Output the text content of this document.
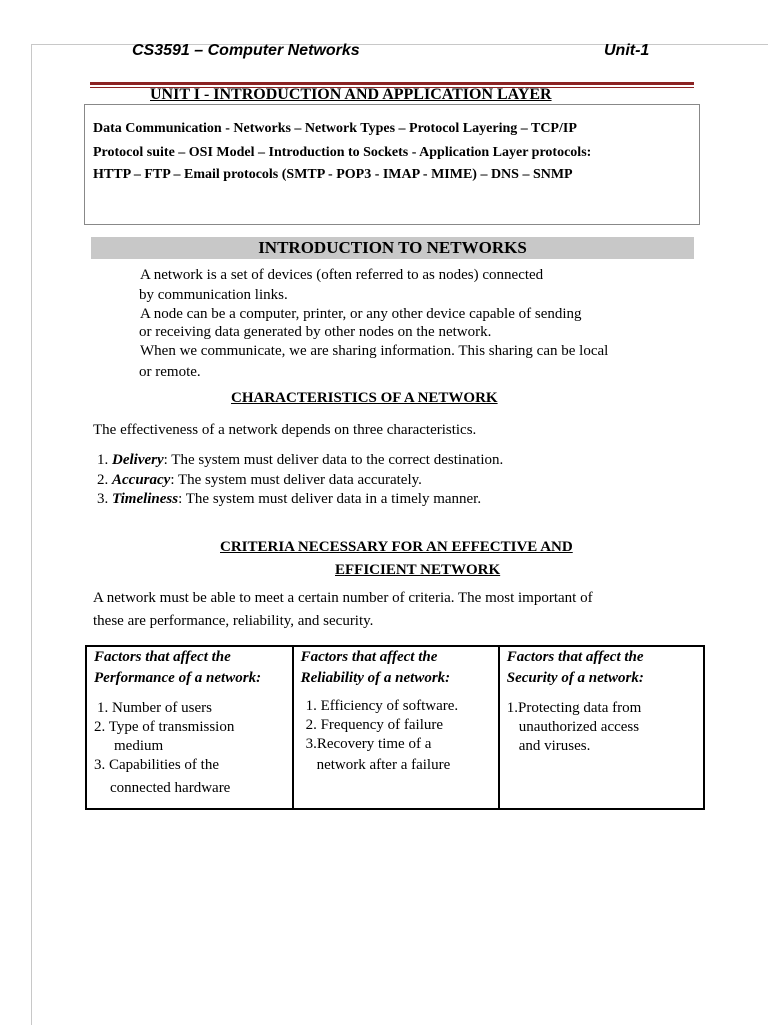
CS3591 – Computer Networks	Unit-1
UNIT I - INTRODUCTION AND APPLICATION LAYER
Data Communication - Networks – Network Types – Protocol Layering – TCP/IP
Protocol suite – OSI Model – Introduction to Sockets - Application Layer protocols:
HTTP – FTP – Email protocols (SMTP - POP3 - IMAP - MIME) – DNS – SNMP
INTRODUCTION TO NETWORKS
A network is a set of devices (often referred to as nodes) connected
by communication links.
A node can be a computer, printer, or any other device capable of sending
or receiving data generated by other nodes on the network.
When we communicate, we are sharing information. This sharing can be local
or remote.
CHARACTERISTICS OF A NETWORK
The effectiveness of a network depends on three characteristics.
1. Delivery: The system must deliver data to the correct destination.
2. Accuracy: The system must deliver data accurately.
3. Timeliness: The system must deliver data in a timely manner.
CRITERIA NECESSARY FOR AN EFFECTIVE AND
EFFICIENT NETWORK
A network must be able to meet a certain number of criteria. The most important of
these are performance, reliability, and security.
Factors that affect the
Performance of a network:
1. Number of users
2. Type of transmission
medium
3. Capabilities of the
connected hardware

Factors that affect the
Reliability of a network:
1. Efficiency of software.
2. Frequency of failure
3.Recovery time of a
network after a failure

Factors that affect the
Security of a network:
1.Protecting data from
unauthorized access
and viruses.
